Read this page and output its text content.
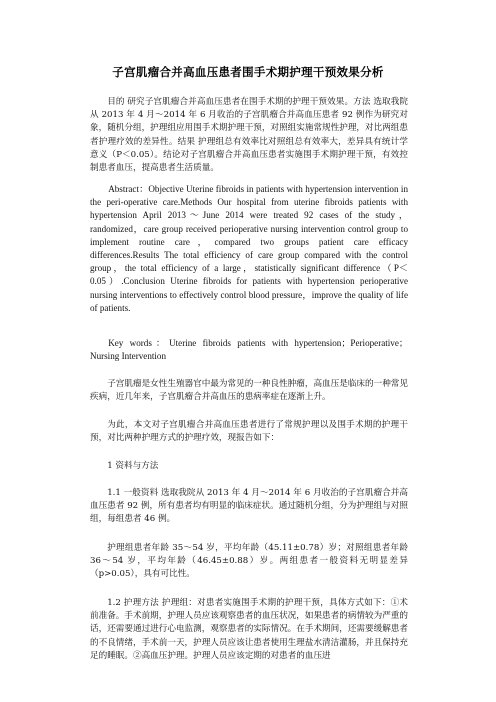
子宫肌瘤合并高血压患者围手术期护理干预效果分析

目的 研究子宫肌瘤合并高血压患者在围手术期的护理干预效果。方法 选取我院从 2013 年 4 月～2014 年 6 月收治的子宫肌瘤合并高血压患者 92 例作为研究对象，随机分组，护理组应用围手术期护理干预，对照组实施常规性护理，对比两组患者护理疗效的差异性。结果 护理组总有效率比对照组总有效率大，差异具有统计学意义（P＜0.05）。结论对子宫肌瘤合并高血压患者实施围手术期护理干预，有效控制患者血压，提高患者生活质量。

Abstract：Objective Uterine fibroids in patients with hypertension intervention in the peri-operative care.Methods Our hospital from uterine fibroids patients with hypertension April 2013～June 2014 were treated 92 cases of the study，randomized，care group received perioperative nursing intervention control group to implement routine care，compared two groups patient care efficacy differences.Results The total efficiency of care group compared with the control group，the total efficiency of a large，statistically significant difference（P＜0.05）.Conclusion Uterine fibroids for patients with hypertension perioperative nursing interventions to effectively control blood pressure，improve the quality of life of patients.

Key words：Uterine fibroids patients with hypertension；Perioperative；Nursing Intervention

子宫肌瘤是女性生殖器官中最为常见的一种良性肿瘤，高血压是临床的一种常见疾病，近几年来，子宫肌瘤合并高血压的患病率症在逐渐上升。

为此，本文对子宫肌瘤合并高血压患者进行了常规护理以及围手术期的护理干预，对比两种护理方式的护理疗效，现报告如下：

1 资料与方法

1.1 一般资料 选取我院从 2013 年 4 月～2014 年 6 月收治的子宫肌瘤合并高血压患者 92 例，所有患者均有明显的临床症状。通过随机分组，分为护理组与对照组，每组患者 46 例。

护理组患者年龄 35～54 岁，平均年龄（45.11±0.78）岁；对照组患者年龄 36～54 岁，平均年龄（46.45±0.88）岁。两组患者一般资料无明显差异（p>0.05），具有可比性。

1.2 护理方法 护理组：对患者实施围手术期的护理干预，具体方式如下：①术前准备。手术前期，护理人员应该观察患者的血压状况，如果患者的病情较为严重的话，还需要通过进行心电监测，观察患者的实际情况。在手术期间，还需要缓解患者的不良情绪，手术前一天，护理人员应该让患者使用生理盐水清洁灌肠，并且保持充足的睡眠。②高血压护理。护理人员应该定期的对患者的血压进
